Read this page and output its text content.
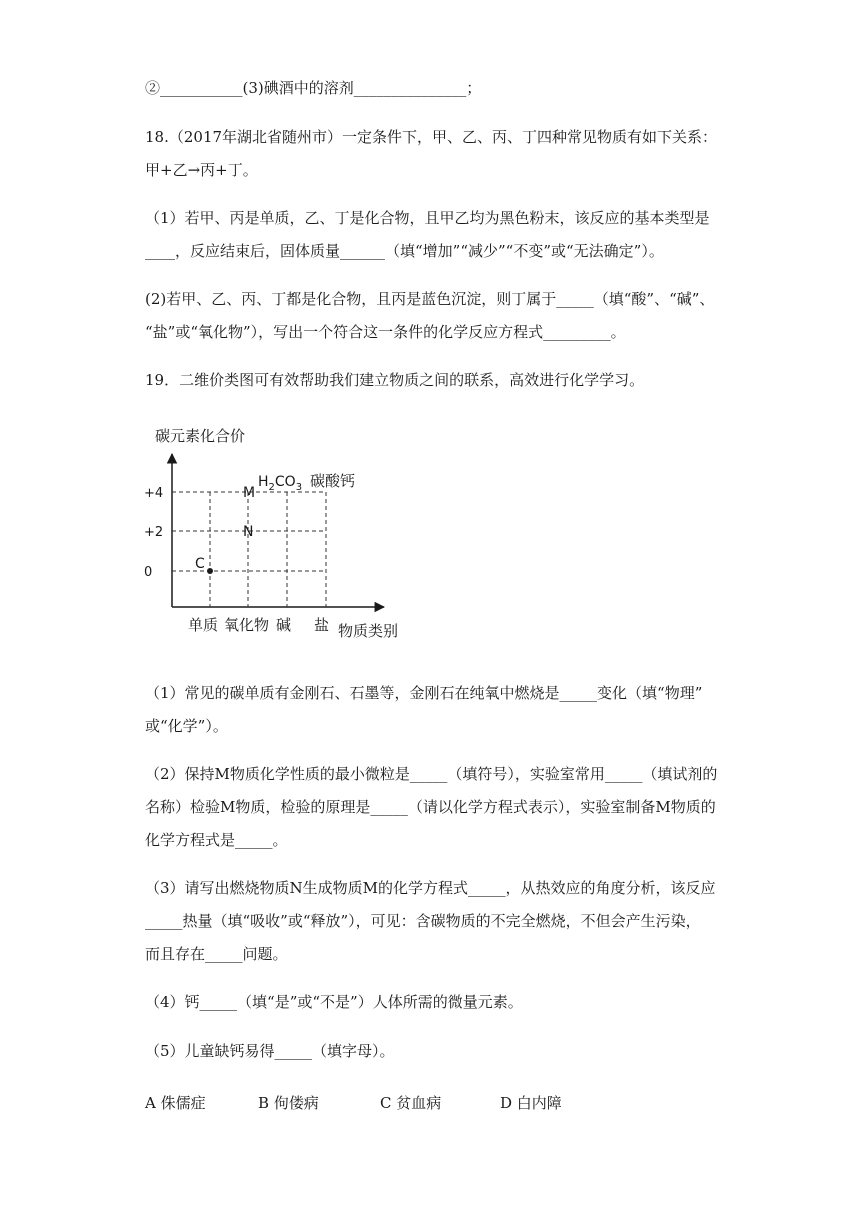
②___________(3)碘酒中的溶剂_______________；
18.（2017年湖北省随州市）一定条件下，甲、乙、丙、丁四种常见物质有如下关系：
甲+乙→丙+丁。
（1）若甲、丙是单质，乙、丁是化合物，且甲乙均为黑色粉末，该反应的基本类型是
____，反应结束后，固体质量______（填“增加”“减少”“不变”或“无法确定”）。
(2)若甲、乙、丙、丁都是化合物，且丙是蓝色沉淀，则丁属于_____（填“酸”、“碱”、
“盐”或“氧化物”），写出一个符合这一条件的化学反应方程式_________。
19．二维价类图可有效帮助我们建立物质之间的联系，高效进行化学学习。
碳元素化合价
+4
+2
0
单质 氧化物 碱 盐
C
N
M
$H_2CO_3$ 碳酸钙
物质类别
（1）常见的碳单质有金刚石、石墨等，金刚石在纯氧中燃烧是_____变化（填“物理”
或“化学”）。
（2）保持M物质化学性质的最小微粒是_____（填符号），实验室常用_____（填试剂的
名称）检验M物质，检验的原理是_____（请以化学方程式表示），实验室制备M物质的
化学方程式是_____。
（3）请写出燃烧物质N生成物质M的化学方程式_____，从热效应的角度分析，该反应
_____热量（填“吸收”或“释放”），可见：含碳物质的不完全燃烧，不但会产生污染，
而且存在_____问题。
（4）钙_____（填“是”或“不是”）人体所需的微量元素。
（5）儿童缺钙易得_____（填字母）。
A 侏儒症	B 佝偻病	C 贫血病	D 白内障
